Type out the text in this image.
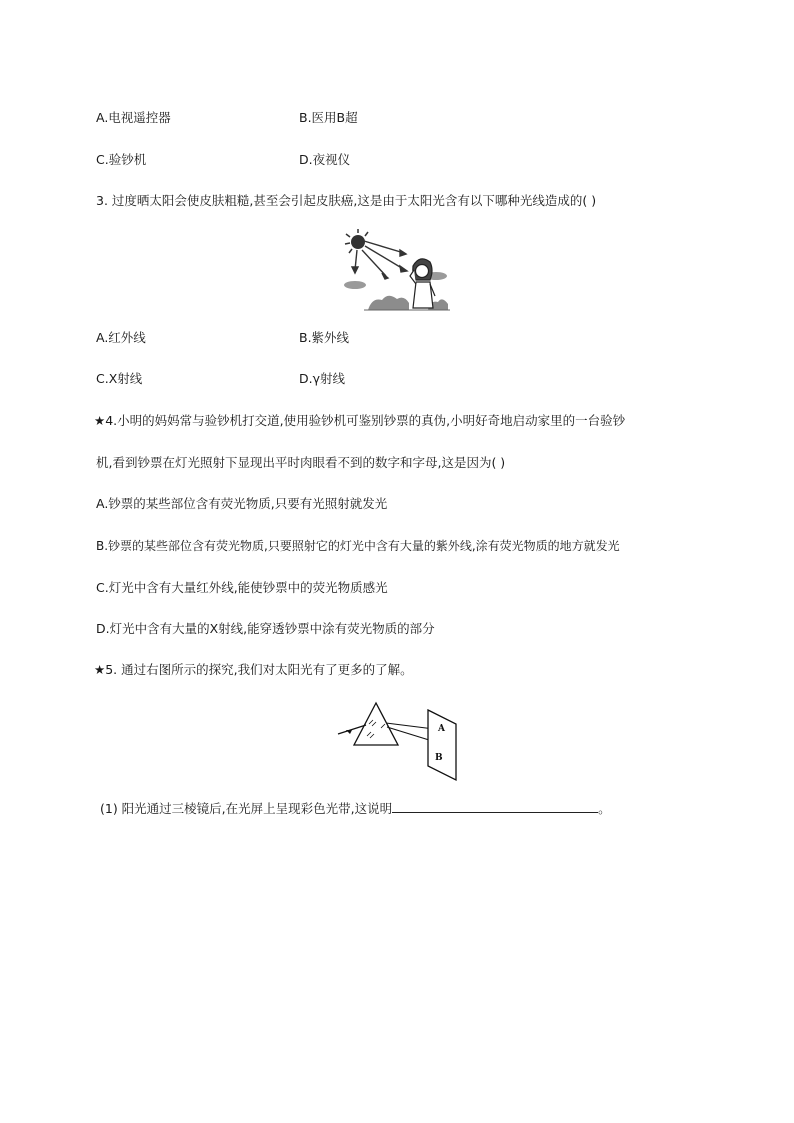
A.电视遥控器	B.医用B超
C.验钞机	D.夜视仪
3. 过度晒太阳会使皮肤粗糙,甚至会引起皮肤癌,这是由于太阳光含有以下哪种光线造成的( )
A.红外线	B.紫外线
C.X射线	D.γ射线
★4.小明的妈妈常与验钞机打交道,使用验钞机可鉴别钞票的真伪,小明好奇地启动家里的一台验钞
机,看到钞票在灯光照射下显现出平时肉眼看不到的数字和字母,这是因为( )
A.钞票的某些部位含有荧光物质,只要有光照射就发光
B.钞票的某些部位含有荧光物质,只要照射它的灯光中含有大量的紫外线,涂有荧光物质的地方就发光
C.灯光中含有大量红外线,能使钞票中的荧光物质感光
D.灯光中含有大量的X射线,能穿透钞票中涂有荧光物质的部分
★5. 通过右图所示的探究,我们对太阳光有了更多的了解。
A
B
(1) 阳光通过三棱镜后,在光屏上呈现彩色光带,这说明	。
